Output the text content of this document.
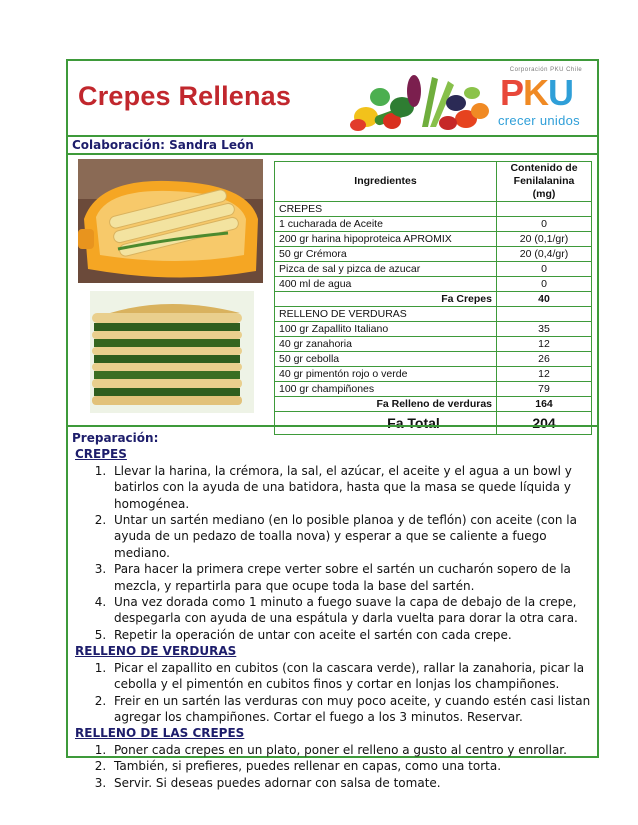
Crepes Rellenas
Corporación PKU Chile
PKU
crecer unidos
Colaboración: Sandra León
Ingredientes	Contenido de Fenilalanina (mg)
CREPES	
1 cucharada de Aceite	0
200 gr harina hipoproteica APROMIX	20 (0,1/gr)
50 gr Crémora	20 (0,4/gr)
Pizca de sal y pizca de azucar	0
400 ml de agua	0
Fa Crepes	40
RELLENO DE VERDURAS	
100 gr Zapallito Italiano	35
40 gr zanahoria	12
50 gr cebolla	26
40 gr pimentón rojo o verde	12
100 gr champiñones	79
Fa Relleno de verduras	164
Fa Total	204
Preparación:
CREPES
1. Llevar la harina, la crémora, la sal, el azúcar, el aceite y el agua a un bowl y batirlos con la ayuda de una batidora, hasta que la masa se quede líquida y homogénea.
2. Untar un sartén mediano (en lo posible planoa y de teflón) con aceite (con la ayuda de un pedazo de toalla nova) y esperar a que se caliente a fuego mediano.
3. Para hacer la primera crepe verter sobre el sartén un cucharón sopero de la mezcla, y repartirla para que ocupe toda la base del sartén.
4. Una vez dorada como 1 minuto a fuego suave la capa de debajo de la crepe, despegarla con ayuda de una espátula y darla vuelta para dorar la otra cara.
5. Repetir la operación de untar con aceite el sartén con cada crepe.
RELLENO DE VERDURAS
1. Picar el zapallito en cubitos (con la cascara verde), rallar la zanahoria, picar la cebolla y el pimentón en cubitos finos y cortar en lonjas los champiñones.
2. Freir en un sartén las verduras con muy poco aceite, y cuando estén casi listan agregar los champiñones. Cortar el fuego a los 3 minutos. Reservar.
RELLENO DE LAS CREPES
1. Poner cada crepes en un plato, poner el relleno a gusto al centro y enrollar.
2. También, si prefieres, puedes rellenar en capas, como una torta.
3. Servir. Si deseas puedes adornar con salsa de tomate.
